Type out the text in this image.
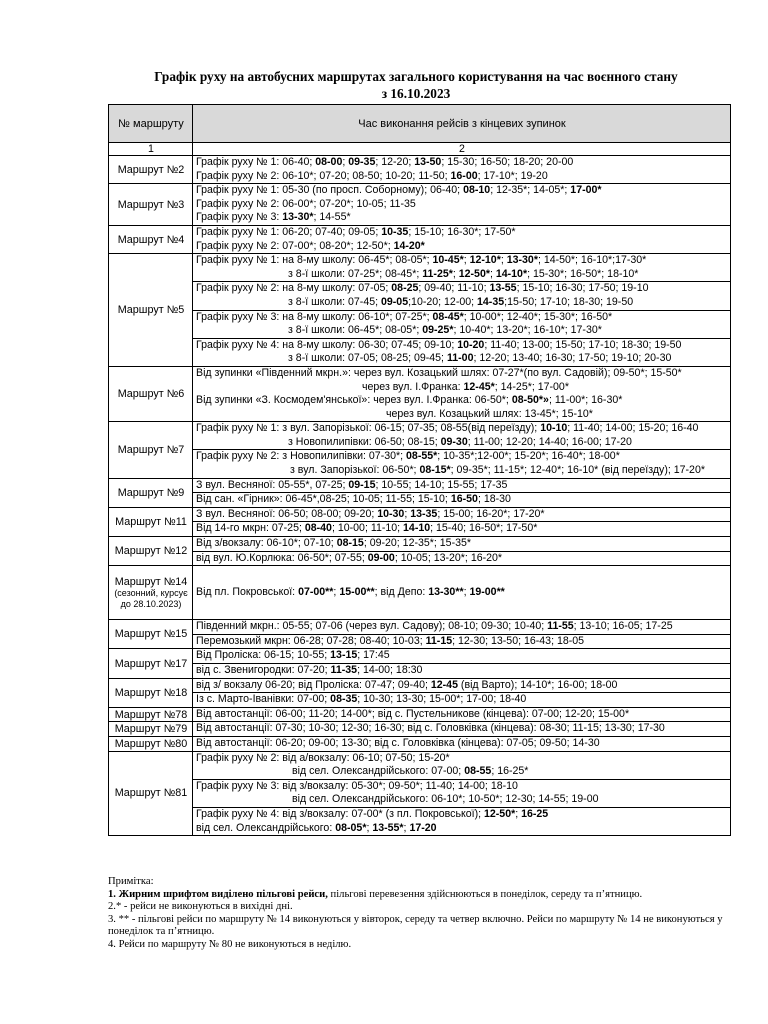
Графік руху на автобусних маршрутах загального користування на час воєнного стану
з 16.10.2023
№ маршруту	Час виконання рейсів з кінцевих зупинок
1	2
Маршрут №2	Графік руху № 1: 06-40; 08-00; 09-35; 12-20; 13-50; 15-30; 16-50; 18-20; 20-00
Графік руху № 2: 06-10*; 07-20; 08-50; 10-20; 11-50; 16-00; 17-10*; 19-20

Маршрут №3	Графік руху № 1: 05-30 (по просп. Соборному); 06-40; 08-10; 12-35*; 14-05*; 17-00*
Графік руху № 2: 06-00*; 07-20*; 10-05; 11-35
Графік руху № 3: 13-30*; 14-55*

Маршрут №4	Графік руху № 1: 06-20; 07-40; 09-05; 10-35; 15-10; 16-30*; 17-50*
Графік руху № 2: 07-00*; 08-20*; 12-50*; 14-20*

Маршрут №5	Графік руху № 1: на 8-му школу: 06-45*; 08-05*; 10-45*; 12-10*; 13-30*; 14-50*; 16-10*;17-30*
з 8-ї школи: 07-25*; 08-45*; 11-25*; 12-50*; 14-10*; 15-30*; 16-50*; 18-10*

	Графік руху № 2: на 8-му школу: 07-05; 08-25; 09-40; 11-10; 13-55; 15-10; 16-30; 17-50; 19-10
з 8-ї школи: 07-45; 09-05;10-20; 12-00; 14-35;15-50; 17-10; 18-30; 19-50

	Графік руху № 3: на 8-му школу: 06-10*; 07-25*; 08-45*; 10-00*; 12-40*; 15-30*; 16-50*
з 8-ї школи: 06-45*; 08-05*; 09-25*; 10-40*; 13-20*; 16-10*; 17-30*

	Графік руху № 4: на 8-му школу: 06-30; 07-45; 09-10; 10-20; 11-40; 13-00; 15-50; 17-10; 18-30; 19-50
з 8-ї школи: 07-05; 08-25; 09-45; 11-00; 12-20; 13-40; 16-30; 17-50; 19-10; 20-30

Маршрут №6	Від зупинки «Південний мкрн.»: через вул. Козацький шлях: 07-27*(по вул. Садовій); 09-50*; 15-50*
через вул. І.Франка: 12-45*; 14-25*; 17-00*
Від зупинки «З. Космодем'янської»: через вул. І.Франка: 06-50*; 08-50*»; 11-00*; 16-30*
через вул. Козацький шлях: 13-45*; 15-10*

Маршрут №7	Графік руху № 1: з вул. Запорізької: 06-15; 07-35; 08-55(від переїзду); 10-10; 11-40; 14-00; 15-20; 16-40
з Новопилипівки: 06-50; 08-15; 09-30; 11-00; 12-20; 14-40; 16-00; 17-20

	Графік руху № 2: з Новопилипівки: 07-30*; 08-55*; 10-35*;12-00*; 15-20*; 16-40*; 18-00*
з вул. Запорізької: 06-50*; 08-15*; 09-35*; 11-15*; 12-40*; 16-10* (від переїзду); 17-20*

Маршрут №9	З вул. Весняної: 05-55*, 07-25; 09-15; 10-55; 14-10; 15-55; 17-35

	Від сан. «Гірник»: 06-45*,08-25; 10-05; 11-55; 15-10; 16-50; 18-30

Маршрут №11	З вул. Весняної: 06-50; 08-00; 09-20; 10-30; 13-35; 15-00; 16-20*; 17-20*

	Від 14-го мкрн: 07-25; 08-40; 10-00; 11-10; 14-10; 15-40; 16-50*; 17-50*

Маршрут №12	Від з/вокзалу: 06-10*; 07-10; 08-15; 09-20; 12-35*; 15-35*

	від вул. Ю.Корлюка: 06-50*; 07-55; 09-00; 10-05; 13-20*; 16-20*

Маршрут №14
(сезонний, курсує до 28.10.2023)	Від пл. Покровської: 07-00**; 15-00**; від Депо: 13-30**; 19-00**

Маршрут №15	Південний мкрн.: 05-55; 07-06 (через вул. Садову); 08-10; 09-30; 10-40; 11-55; 13-10; 16-05; 17-25

	Перемозький мкрн: 06-28; 07-28; 08-40; 10-03; 11-15; 12-30; 13-50; 16-43; 18-05

Маршрут №17	Від Проліска: 06-15; 10-55; 13-15; 17:45

	від с. Звенигородки: 07-20; 11-35; 14-00; 18:30

Маршрут №18	від з/ вокзалу 06-20; від Проліска: 07-47; 09-40; 12-45 (від Варто); 14-10*; 16-00; 18-00

	Із с. Марто-Іванівки: 07-00; 08-35; 10-30; 13-30; 15-00*; 17-00; 18-40

Маршрут №78	Від автостанції: 06-00; 11-20; 14-00*; від с. Пустельникове (кінцева): 07-00; 12-20; 15-00*

Маршрут №79	Від автостанції: 07-30; 10-30; 12-30; 16-30; від с. Головківка (кінцева): 08-30; 11-15; 13-30; 17-30

Маршрут №80	Від автостанції: 06-20; 09-00; 13-30; від с. Головківка (кінцева): 07-05; 09-50; 14-30

Маршрут №81	Графік руху № 2: від а/вокзалу: 06-10; 07-50; 15-20*
від сел. Олександрійського: 07-00; 08-55; 16-25*

	Графік руху № 3: від з/вокзалу: 05-30*; 09-50*; 11-40; 14-00; 18-10
від сел. Олександрійського: 06-10*; 10-50*; 12-30; 14-55; 19-00

	Графік руху № 4: від з/вокзалу: 07-00* (з пл. Покровської); 12-50*; 16-25
від сел. Олександрійського: 08-05*; 13-55*; 17-20

Примітка:

1. Жирним шрифтом виділено пільгові рейси, пільгові перевезення здійснюються в понеділок, середу та п’ятницю.

2.* - рейси не виконуються в вихідні дні.

3. ** - пільгові рейси по маршруту № 14 виконуються у вівторок, середу та четвер включно. Рейси по маршруту № 14 не виконуються у понеділок та п’ятницю.

4. Рейси по маршруту № 80 не виконуються в неділю.
